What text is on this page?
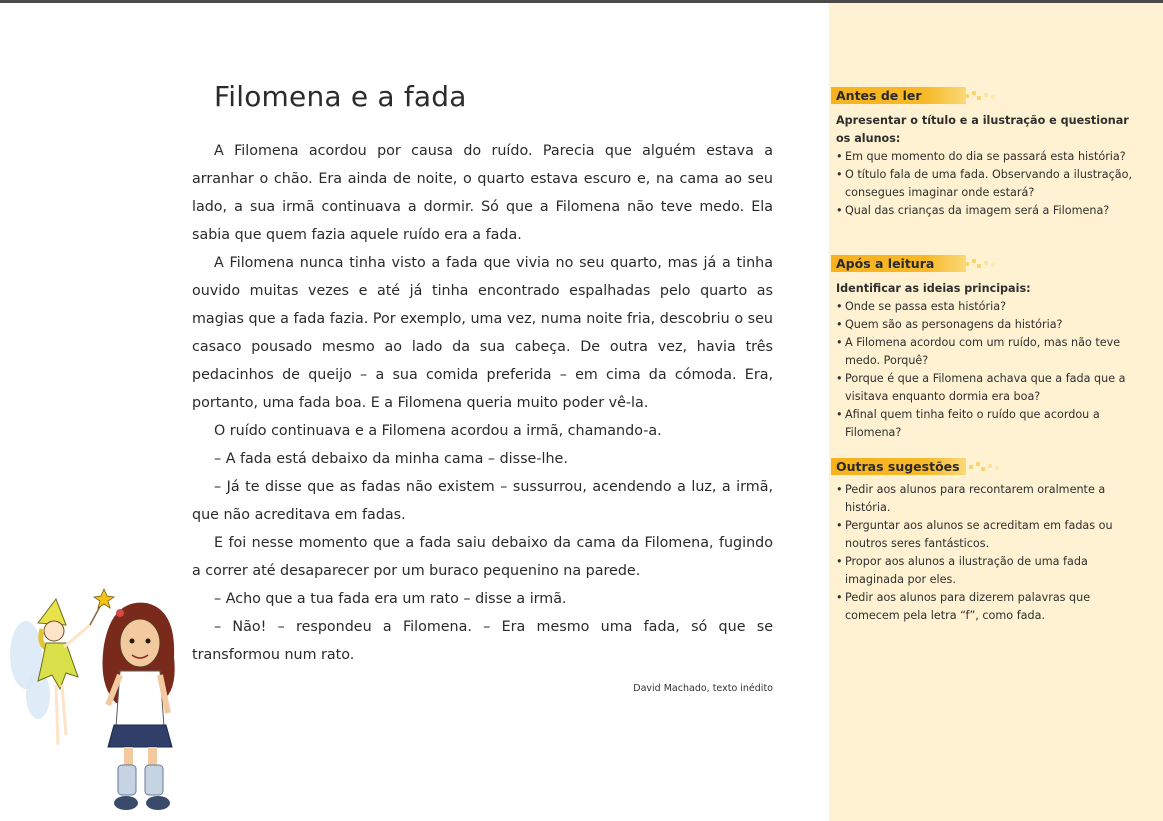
Filomena e a fada

A Filomena acordou por causa do ruído. Parecia que alguém estava a arranhar o chão. Era ainda de noite, o quarto estava escuro e, na cama ao seu lado, a sua irmã continuava a dormir. Só que a Filomena não teve medo. Ela sabia que quem fazia aquele ruído era a fada.

A Filomena nunca tinha visto a fada que vivia no seu quarto, mas já a tinha ouvido muitas vezes e até já tinha encontrado espalhadas pelo quarto as magias que a fada fazia. Por exemplo, uma vez, numa noite fria, descobriu o seu casaco pousado mesmo ao lado da sua cabeça. De outra vez, havia três pedacinhos de queijo – a sua comida preferida – em cima da cómoda. Era, portanto, uma fada boa. E a Filomena queria muito poder vê-la.

O ruído continuava e a Filomena acordou a irmã, chamando-a.

– A fada está debaixo da minha cama – disse-lhe.

– Já te disse que as fadas não existem – sussurrou, acendendo a luz, a irmã, que não acreditava em fadas.

E foi nesse momento que a fada saiu debaixo da cama da Filomena, fugindo a correr até desaparecer por um buraco pequenino na parede.

– Acho que a tua fada era um rato – disse a irmã.

– Não! – respondeu a Filomena. – Era mesmo uma fada, só que se transformou num rato.

David Machado, texto inédito
Antes de ler
Apresentar o título e a ilustração e questionar os alunos:
• Em que momento do dia se passará esta história?
• O título fala de uma fada. Observando a ilustração, consegues imaginar onde estará?
• Qual das crianças da imagem será a Filomena?
Após a leitura
Identificar as ideias principais:
• Onde se passa esta história?
• Quem são as personagens da história?
• A Filomena acordou com um ruído, mas não teve medo. Porquê?
• Porque é que a Filomena achava que a fada que a visitava enquanto dormia era boa?
• Afinal quem tinha feito o ruído que acordou a Filomena?
Outras sugestões
• Pedir aos alunos para recontarem oralmente a história.
• Perguntar aos alunos se acreditam em fadas ou noutros seres fantásticos.
• Propor aos alunos a ilustração de uma fada imaginada por eles.
• Pedir aos alunos para dizerem palavras que comecem pela letra “f”, como fada.
